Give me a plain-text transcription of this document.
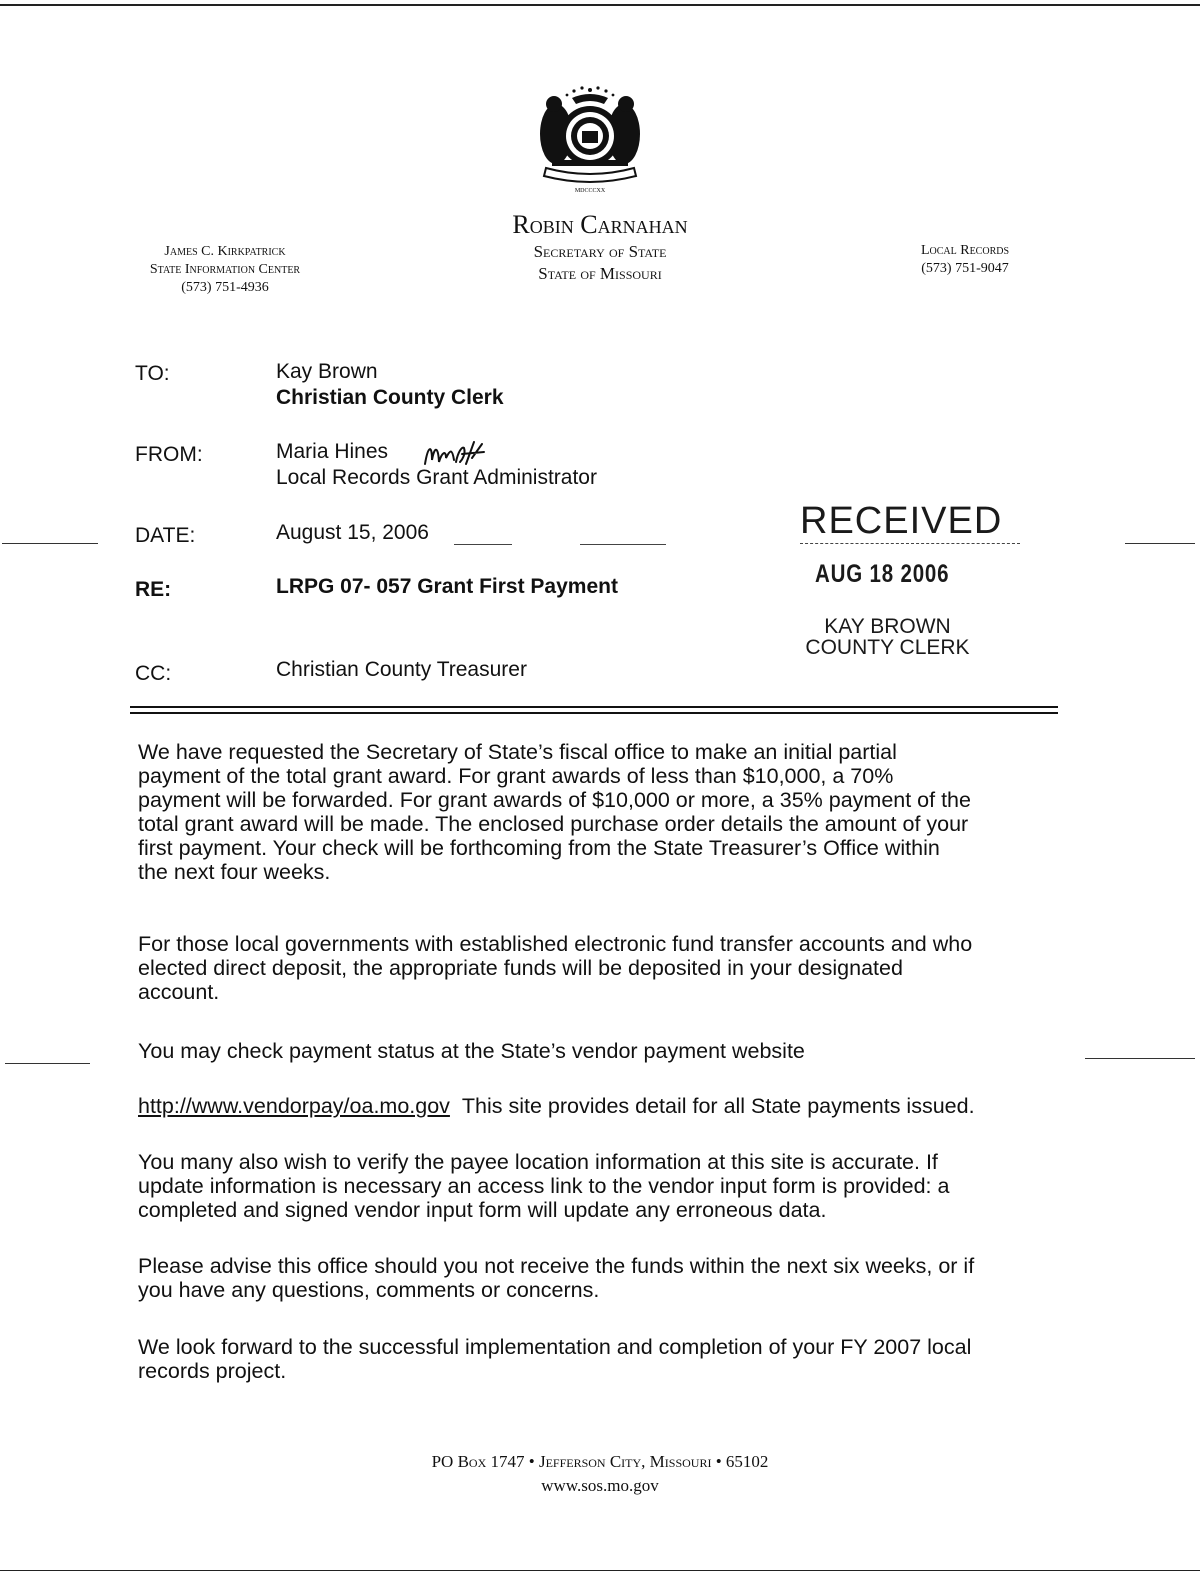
MDCCCXX
Robin Carnahan
Secretary of State
State of Missouri
James C. Kirkpatrick
State Information Center
(573) 751-4936
Local Records
(573) 751-9047
TO:	Kay Brown
Christian County Clerk
FROM:	Maria Hines
Local Records Grant Administrator
DATE:	August 15, 2006
RE:	LRPG 07- 057 Grant First Payment
CC:	Christian County Treasurer
RECEIVED
AUG 18 2006
KAY BROWN
COUNTY CLERK
We have requested the Secretary of State’s fiscal office to make an initial partial
payment of the total grant award. For grant awards of less than $10,000, a 70%
payment will be forwarded. For grant awards of $10,000 or more, a 35% payment of the
total grant award will be made. The enclosed purchase order details the amount of your
first payment. Your check will be forthcoming from the State Treasurer’s Office within
the next four weeks.
For those local governments with established electronic fund transfer accounts and who
elected direct deposit, the appropriate funds will be deposited in your designated
account.
You may check payment status at the State’s vendor payment website
http://www.vendorpay/oa.mo.gov This site provides detail for all State payments issued.
You many also wish to verify the payee location information at this site is accurate. If
update information is necessary an access link to the vendor input form is provided: a
completed and signed vendor input form will update any erroneous data.
Please advise this office should you not receive the funds within the next six weeks, or if
you have any questions, comments or concerns.
We look forward to the successful implementation and completion of your FY 2007 local
records project.
PO Box 1747 • Jefferson City, Missouri • 65102
www.sos.mo.gov
